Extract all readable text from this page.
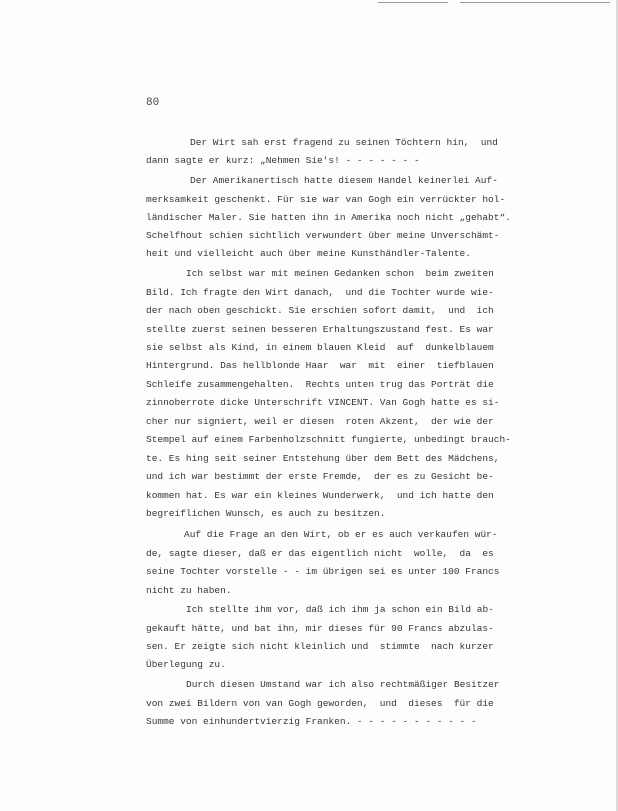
80
Der Wirt sah erst fragend zu seinen Töchtern hin,  und
dann sagte er kurz: „Nehmen Sie's! - - - - - - -
Der Amerikanertisch hatte diesem Handel keinerlei Auf-
merksamkeit geschenkt. Für sie war van Gogh ein verrückter hol-
ländischer Maler. Sie hatten ihn in Amerika noch nicht „gehabt“.
Schelfhout schien sichtlich verwundert über meine Unverschämt-
heit und vielleicht auch über meine Kunsthändler-Talente.
Ich selbst war mit meinen Gedanken schon  beim zweiten
Bild. Ich fragte den Wirt danach,  und die Tochter wurde wie-
der nach oben geschickt. Sie erschien sofort damit,  und  ich
stellte zuerst seinen besseren Erhaltungszustand fest. Es war
sie selbst als Kind, in einem blauen Kleid  auf  dunkelblauem
Hintergrund. Das hellblonde Haar  war  mit  einer  tiefblauen
Schleife zusammengehalten.  Rechts unten trug das Porträt die
zinnoberrote dicke Unterschrift VINCENT. Van Gogh hatte es si-
cher nur signiert, weil er diesen  roten Akzent,  der wie der
Stempel auf einem Farbenholzschnitt fungierte, unbedingt brauch-
te. Es hing seit seiner Entstehung über dem Bett des Mädchens,
und ich war bestimmt der erste Fremde,  der es zu Gesicht be-
kommen hat. Es war ein kleines Wunderwerk,  und ich hatte den
begreiflichen Wunsch, es auch zu besitzen.
Auf die Frage an den Wirt, ob er es auch verkaufen wür-
de, sagte dieser, daß er das eigentlich nicht  wolle,  da  es
seine Tochter vorstelle - - im übrigen sei es unter 100 Francs
nicht zu haben.
Ich stellte ihm vor, daß ich ihm ja schon ein Bild ab-
gekauft hätte, und bat ihn, mir dieses für 90 Francs abzulas-
sen. Er zeigte sich nicht kleinlich und  stimmte  nach kurzer
Überlegung zu.
Durch diesen Umstand war ich also rechtmäßiger Besitzer
von zwei Bildern von van Gogh geworden,  und  dieses  für die
Summe von einhundertvierzig Franken. - - - - - - - - - - -
